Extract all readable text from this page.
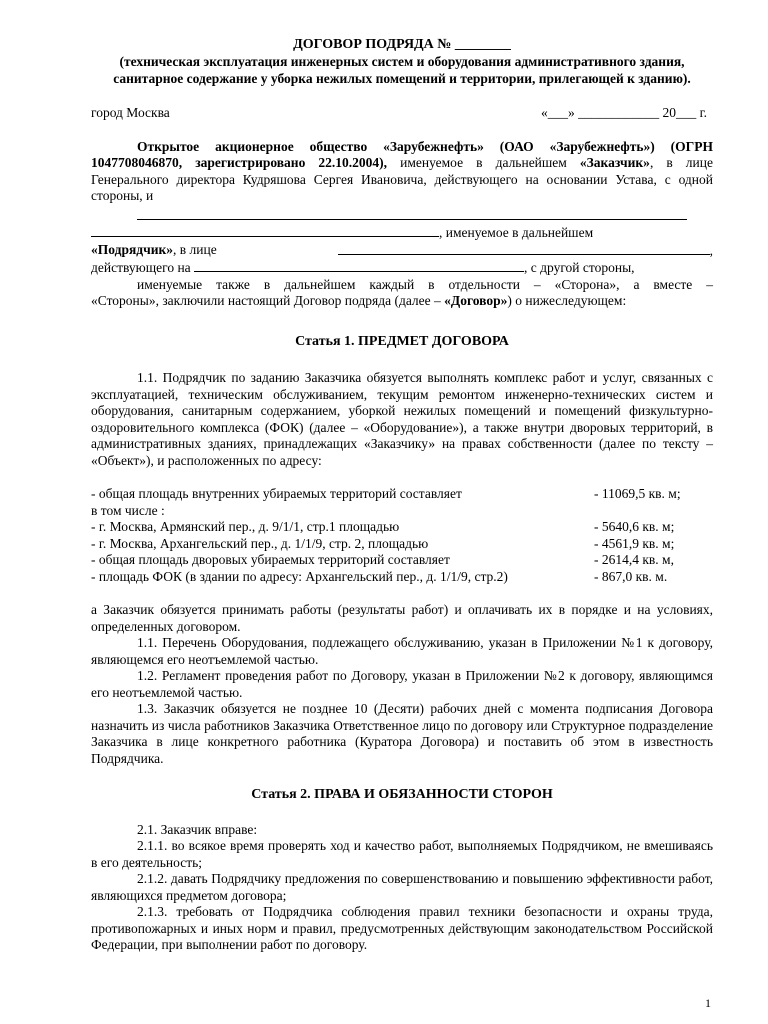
ДОГОВОР ПОДРЯДА № ________

(техническая эксплуатация инженерных систем и оборудования административного здания, санитарное содержание у уборка нежилых помещений и территории, прилегающей к зданию).

город Москва	«___» ____________ 20___ г.

Открытое акционерное общество «Зарубежнефть» (ОАО «Зарубежнефть») (ОГРН 1047708046870, зарегистрировано 22.10.2004), именуемое в дальнейшем «Заказчик», в лице Генерального директора Кудряшова Сергея Ивановича, действующего на основании Устава, с одной стороны, и

, именуемое в дальнейшем
«Подрядчик», в лице	,
действующего на	, с другой стороны,

именуемые также в дальнейшем каждый в отдельности – «Сторона», а вместе –

«Стороны», заключили настоящий Договор подряда (далее – «Договор») о нижеследующем:

Статья 1. ПРЕДМЕТ ДОГОВОРА

1.1. Подрядчик по заданию Заказчика обязуется выполнять комплекс работ и услуг, связанных с эксплуатацией, техническим обслуживанием, текущим ремонтом инженерно-технических систем и оборудования, санитарным содержанием, уборкой нежилых помещений и помещений физкультурно-оздоровительного комплекса (ФОК) (далее – «Оборудование»), а также внутри дворовых территорий, в административных зданиях, принадлежащих «Заказчику» на правах собственности (далее по тексту – «Объект»), и расположенных по адресу:

- общая площадь внутренних убираемых территорий составляет	- 11069,5 кв. м;
в том числе :
- г. Москва, Армянский пер., д. 9/1/1, стр.1 площадью	- 5640,6 кв. м;
- г. Москва, Архангельский пер., д. 1/1/9, стр. 2, площадью	- 4561,9 кв. м;
- общая площадь дворовых убираемых территорий составляет	- 2614,4 кв. м,
- площадь ФОК (в здании по адресу: Архангельский пер., д. 1/1/9, стр.2)	- 867,0 кв. м.

а Заказчик обязуется принимать работы (результаты работ) и оплачивать их в порядке и на условиях, определенных договором.

1.1. Перечень Оборудования, подлежащего обслуживанию, указан в Приложении №1 к договору, являющемся его неотъемлемой частью.

1.2. Регламент проведения работ по Договору, указан в Приложении №2 к договору, являющимся его неотъемлемой частью.

1.3. Заказчик обязуется не позднее 10 (Десяти) рабочих дней с момента подписания Договора назначить из числа работников Заказчика Ответственное лицо по договору или Структурное подразделение Заказчика в лице конкретного работника (Куратора Договора) и поставить об этом в известность Подрядчика.

Статья 2. ПРАВА И ОБЯЗАННОСТИ СТОРОН

2.1. Заказчик вправе:

2.1.1. во всякое время проверять ход и качество работ, выполняемых Подрядчиком, не вмешиваясь в его деятельность;

2.1.2. давать Подрядчику предложения по совершенствованию и повышению эффективности работ, являющихся предметом договора;

2.1.3. требовать от Подрядчика соблюдения правил техники безопасности и охраны труда, противопожарных и иных норм и правил, предусмотренных действующим законодательством Российской Федерации, при выполнении работ по договору.

1
